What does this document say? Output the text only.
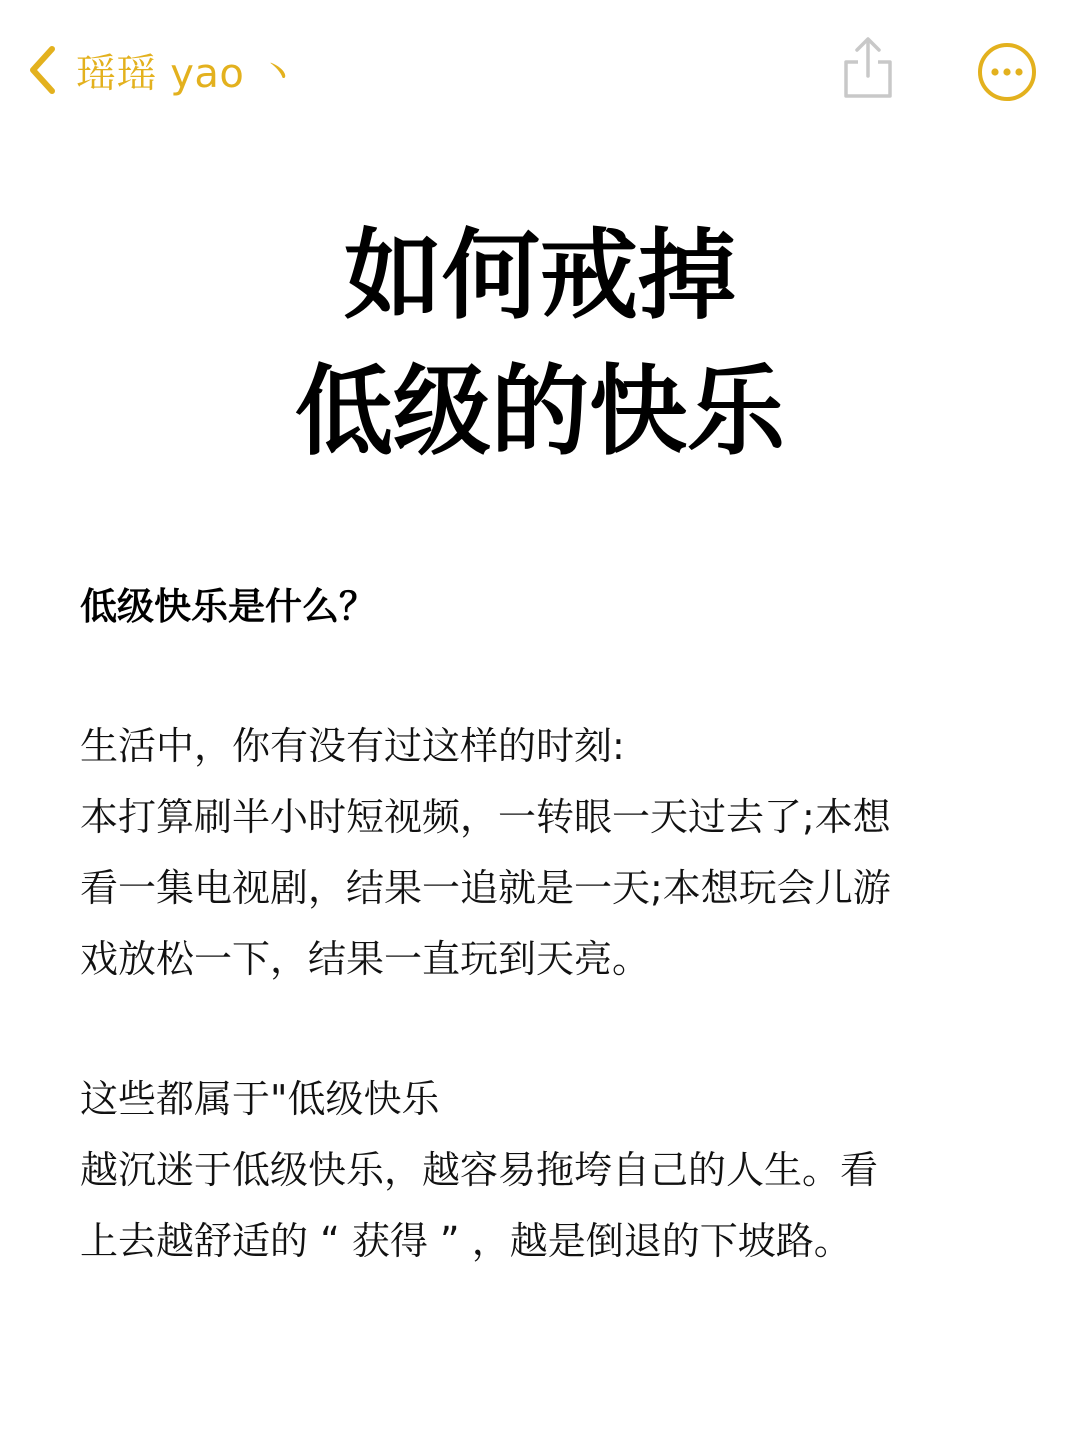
瑶瑶 yao 丶
如何戒掉
低级的快乐
低级快乐是什么？
生活中，你有没有过这样的时刻:
本打算刷半小时短视频，一转眼一天过去了;本想
看一集电视剧，结果一追就是一天;本想玩会儿游
戏放松一下，结果一直玩到天亮。
这些都属于"低级快乐
越沉迷于低级快乐，越容易拖垮自己的人生。看
上去越舒适的 “ 获得 ” ，越是倒退的下坡路。
